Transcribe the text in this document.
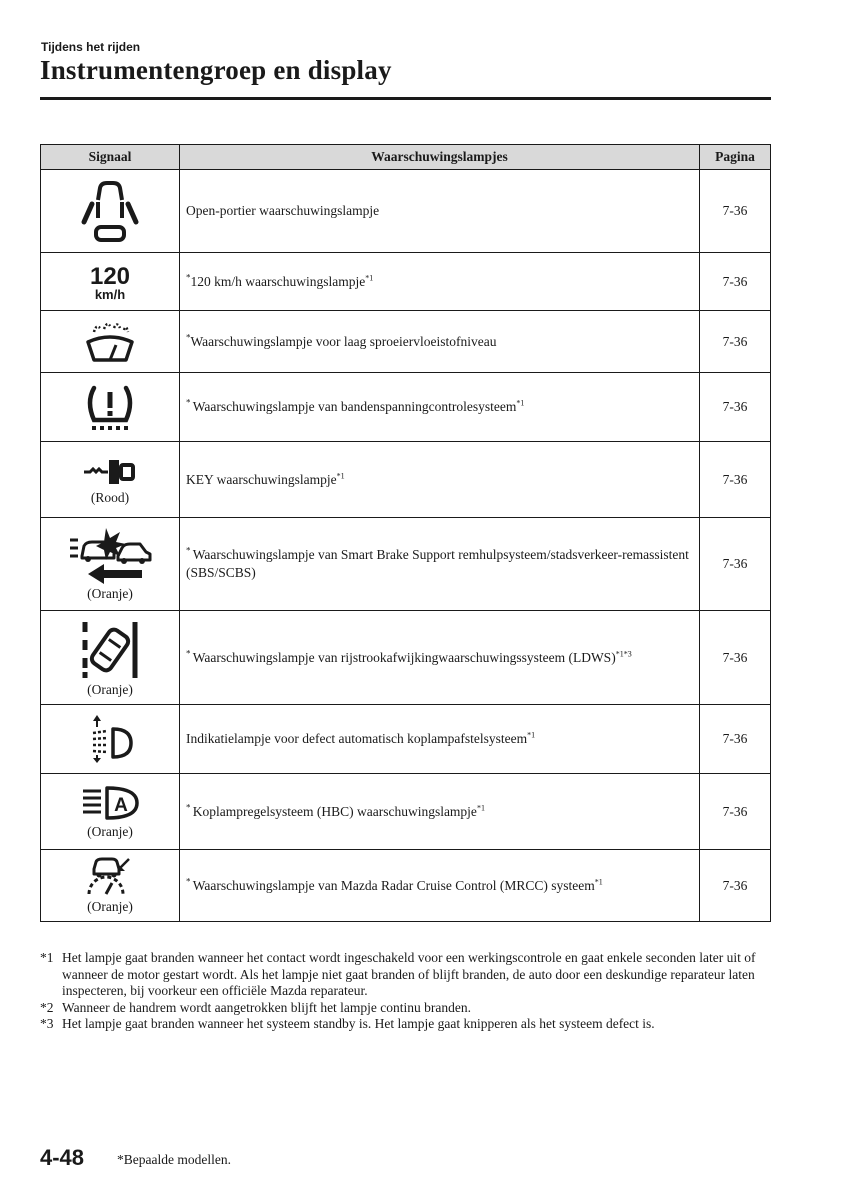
Tijdens het rijden
Instrumentengroep en display
Signaal	Waarschuwingslampjes	Pagina

	Open-portier waarschuwingslampje	7-36

120
km/h	*120 km/h waarschuwingslampje$^{*1}$	7-36

	*Waarschuwingslampje voor laag sproeiervloeistofniveau	7-36

	* Waarschuwingslampje van bandenspanningcontrolesysteem$^{*1}$	7-36

(Rood)	KEY waarschuwingslampje$^{*1}$	7-36

(Oranje)	* Waarschuwingslampje van Smart Brake Support remhulpsysteem/stadsverkeer-remassistent (SBS/SCBS)	7-36

(Oranje)	* Waarschuwingslampje van rijstrookafwijkingwaarschuwingssysteem (LDWS)$^{*1*3}$	7-36

	Indikatielampje voor defect automatisch koplampafstelsysteem$^{*1}$	7-36

A
(Oranje)	* Koplampregelsysteem (HBC) waarschuwingslampje$^{*1}$	7-36

(Oranje)	* Waarschuwingslampje van Mazda Radar Cruise Control (MRCC) systeem$^{*1}$	7-36
*1 Het lampje gaat branden wanneer het contact wordt ingeschakeld voor een werkingscontrole en gaat enkele seconden later uit of wanneer de motor gestart wordt. Als het lampje niet gaat branden of blijft branden, de auto door een deskundige reparateur laten inspecteren, bij voorkeur een officiële Mazda reparateur.
*2 Wanneer de handrem wordt aangetrokken blijft het lampje continu branden.
*3 Het lampje gaat branden wanneer het systeem standby is. Het lampje gaat knipperen als het systeem defect is.
4-48 *Bepaalde modellen.
